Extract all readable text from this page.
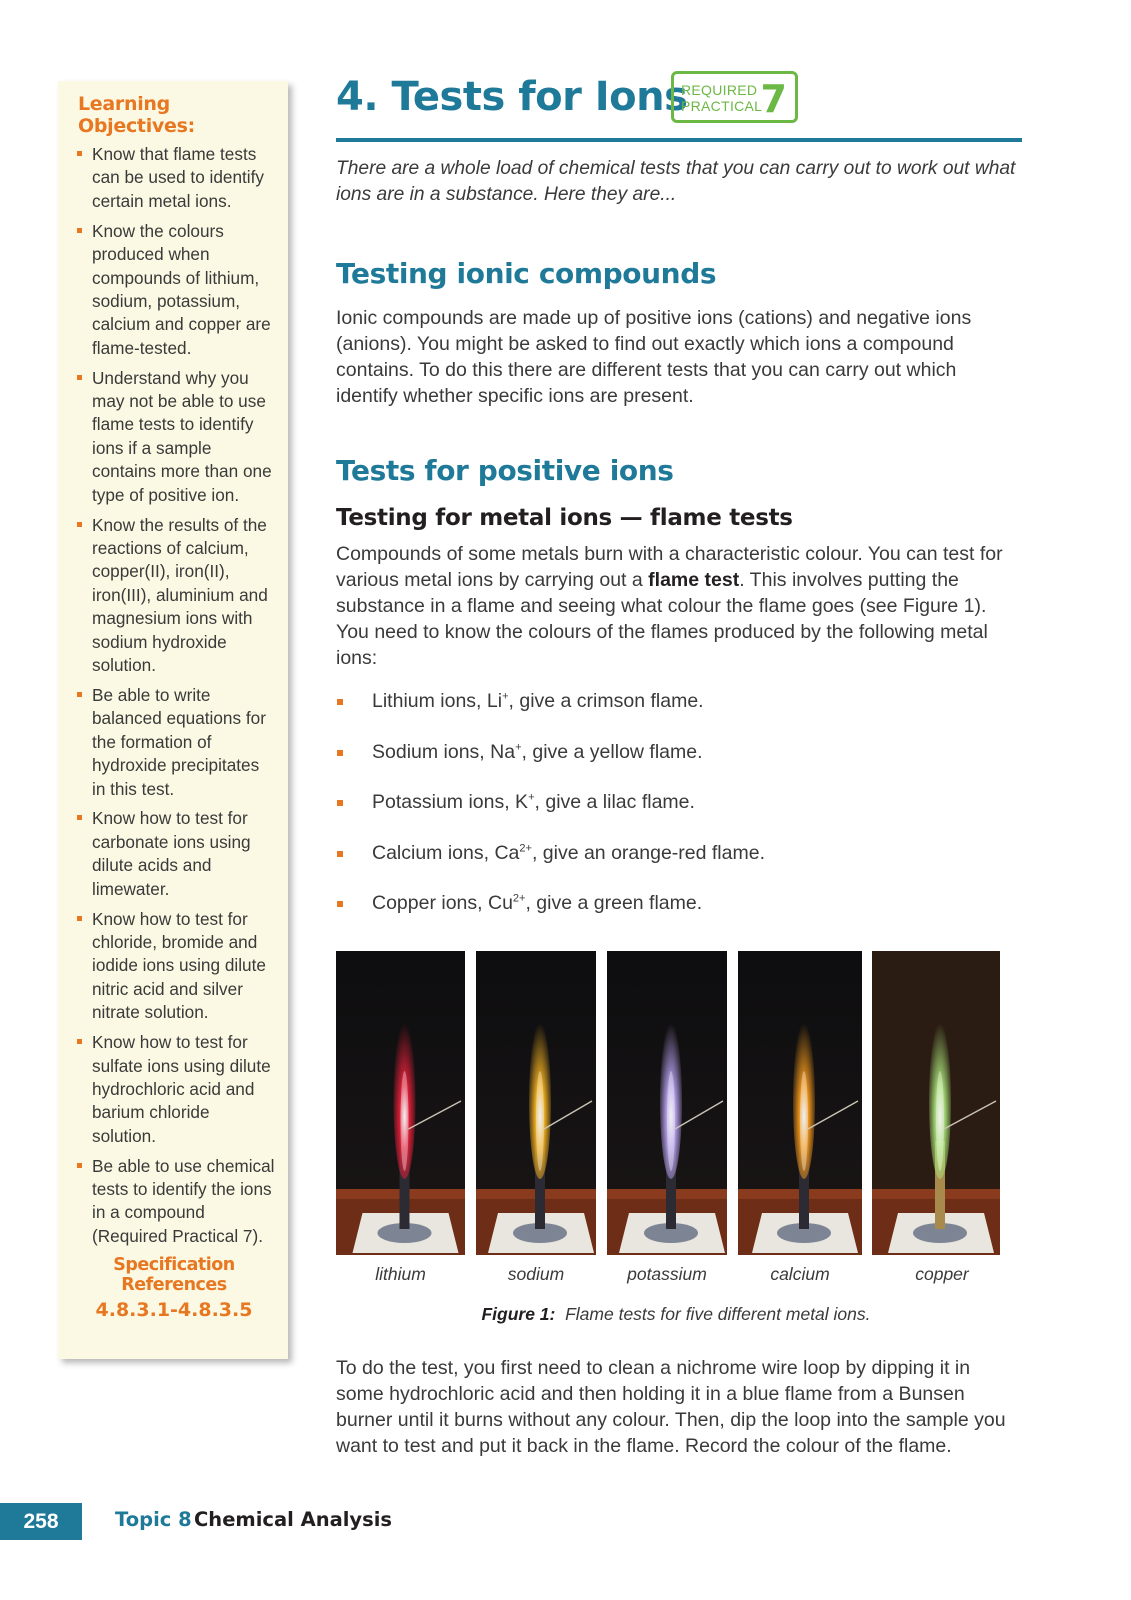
Learning Objectives:
Know that flame tests can be used to identify certain metal ions.
Know the colours produced when compounds of lithium, sodium, potassium, calcium and copper are flame-tested.
Understand why you may not be able to use flame tests to identify ions if a sample contains more than one type of positive ion.
Know the results of the reactions of calcium, copper(II), iron(II), iron(III), aluminium and magnesium ions with sodium hydroxide solution.
Be able to write balanced equations for the formation of hydroxide precipitates in this test.
Know how to test for carbonate ions using dilute acids and limewater.
Know how to test for chloride, bromide and iodide ions using dilute nitric acid and silver nitrate solution.
Know how to test for sulfate ions using dilute hydrochloric acid and barium chloride solution.
Be able to use chemical tests to identify the ions in a compound (Required Practical 7).
Specification References
4.8.3.1-4.8.3.5
4. Tests for Ions
REQUIRED
PRACTICAL
7

There are a whole load of chemical tests that you can carry out to work out what ions are in a substance. Here they are...

Testing ionic compounds

Ionic compounds are made up of positive ions (cations) and negative ions (anions). You might be asked to find out exactly which ions a compound contains. To do this there are different tests that you can carry out which identify whether specific ions are present.

Tests for positive ions
Testing for metal ions — flame tests

Compounds of some metals burn with a characteristic colour. You can test for various metal ions by carrying out a flame test. This involves putting the substance in a flame and seeing what colour the flame goes (see Figure 1). You need to know the colours of the flames produced by the following metal ions:

Lithium ions, Li+, give a crimson flame.
Sodium ions, Na+, give a yellow flame.
Potassium ions, K+, give a lilac flame.
Calcium ions, $Ca^{2+}$, give an orange-red flame.
Copper ions, $Cu^{2+}$, give a green flame.
lithium	sodium	potassium	calcium	copper
Figure 1: Flame tests for five different metal ions.

To do the test, you first need to clean a nichrome wire loop by dipping it in some hydrochloric acid and then holding it in a blue flame from a Bunsen burner until it burns without any colour. Then, dip the loop into the sample you want to test and put it back in the flame. Record the colour of the flame.

258	Topic 8 Chemical Analysis
